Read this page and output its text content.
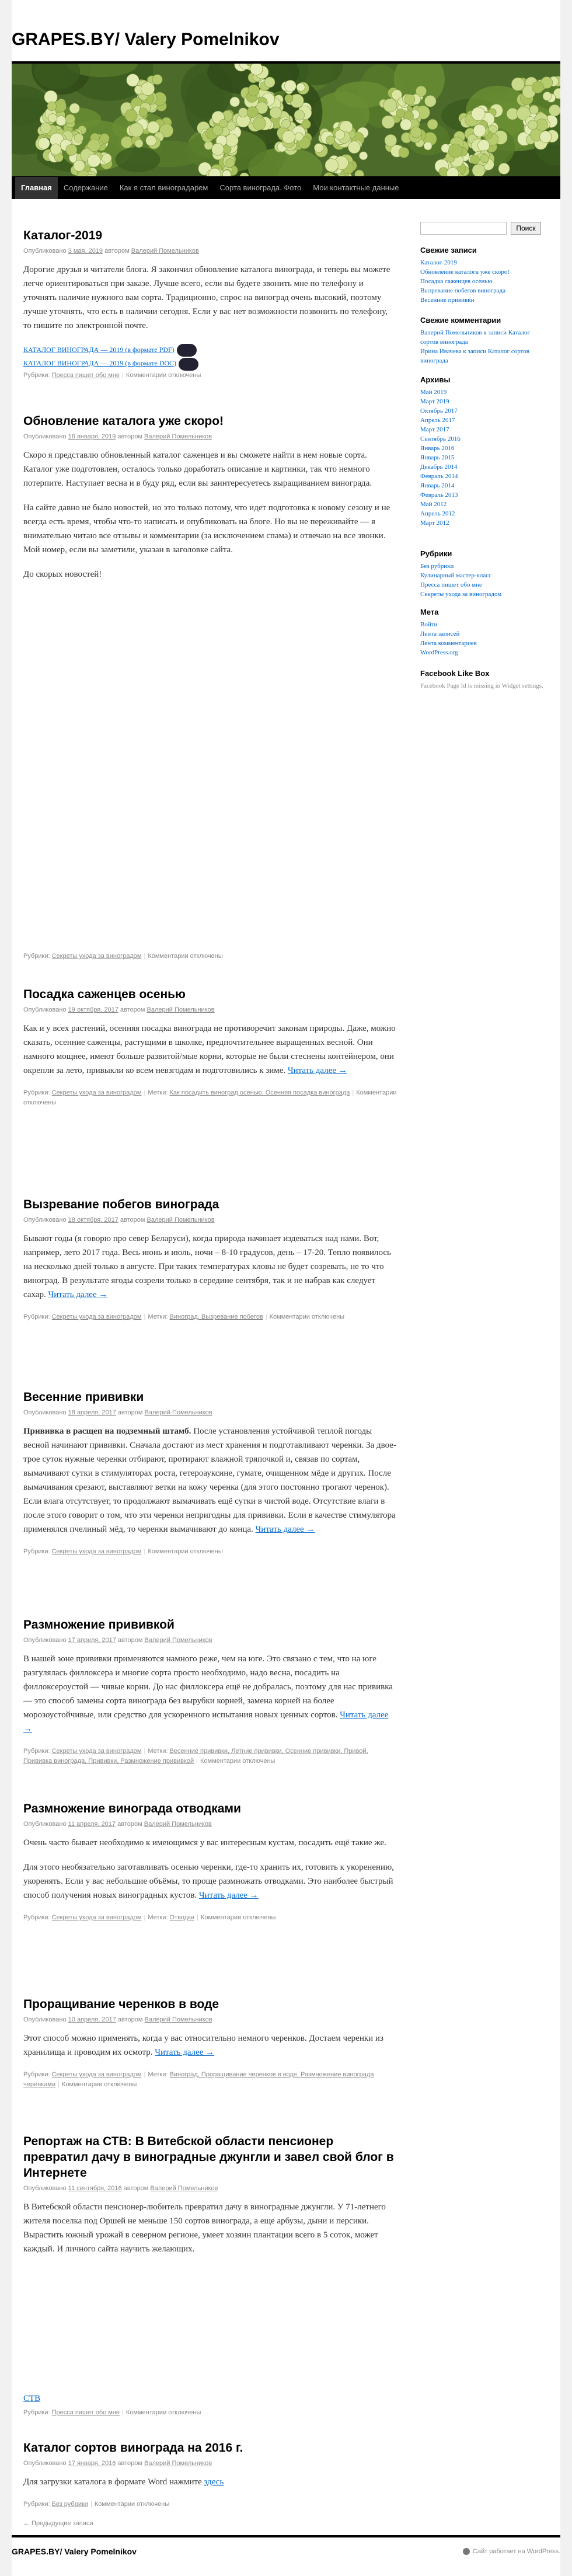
GRAPES.BY/ Valery Pomelnikov
Главная	Содержание	Как я стал виноградарем	Сорта винограда. Фото	Мои контактные данные
Каталог-2019
Опубликовано 3 мая, 2019 автором Валерий Помельников

Дорогие друзья и читатели блога. Я закончил обновление каталога винограда, и теперь вы можете легче ориентироваться при заказе. Лучше всего, если вы будете звонить мне по телефону и уточнять наличие нужного вам сорта. Традиционно, спрос на виноград очень высокий, поэтому лучше уточнять, что есть в наличии сегодня. Если у вас нет возможности позвонить по телефону, то пишите по электронной почте.

КАТАЛОГ ВИНОГРАДА — 2019 (в формате PDF)
КАТАЛОГ ВИНОГРАДА — 2019 (в формате DOC)
Рубрики: Пресса пишет обо мне | Комментарии отключены
Обновление каталога уже скоро!
Опубликовано 16 января, 2019 автором Валерий Помельников

Скоро я представлю обновленный каталог саженцев и вы сможете найти в нем новые сорта. Каталог уже подготовлен, осталось только доработать описание и картинки, так что немного потерпите. Наступает весна и в буду ряд, если вы заинтересуетесь выращиванием винограда.

На сайте давно не было новостей, но это только потому, что идет подготовка к новому сезону и не всегда есть время, чтобы что-то написать и опубликовать на блоге. Но вы не переживайте — я внимательно читаю все отзывы и комментарии (за исключением спама) и отвечаю на все звонки. Мой номер, если вы заметили, указан в заголовке сайта.

До скорых новостей!

Рубрики: Секреты ухода за виноградом | Комментарии отключены
Посадка саженцев осенью
Опубликовано 19 октября, 2017 автором Валерий Помельников

Как и у всех растений, осенняя посадка винограда не противоречит законам природы. Даже, можно сказать, осенние саженцы, растущими в школке, предпочтительнее выращенных весной. Они намного мощнее, имеют больше развитой/мые корни, которые не были стеснены контейнером, они окрепли за лето, привыкли ко всем невзгодам и подготовились к зиме. Читать далее →

Рубрики: Секреты ухода за виноградом | Метки: Как посадить виноград осенью, Осенняя посадка винограда | Комментарии отключены
Вызревание побегов винограда
Опубликовано 18 октября, 2017 автором Валерий Помельников

Бывают годы (я говорю про север Беларуси), когда природа начинает издеваться над нами. Вот, например, лето 2017 года. Весь июнь и июль, ночи – 8-10 градусов, день – 17-20. Тепло появилось на несколько дней только в августе. При таких температурах кловы не будет созревать, не то что виноград. В результате ягоды созрели только в середине сентября, так и не набрав как следует сахар. Читать далее →

Рубрики: Секреты ухода за виноградом | Метки: Виноград, Вызревание побегов | Комментарии отключены
Весенние прививки
Опубликовано 18 апреля, 2017 автором Валерий Помельников

Прививка в расщеп на подземный штамб. После установления устойчивой теплой погоды весной начинают прививки. Сначала достают из мест хранения и подготавливают черенки. За двое-трое суток нужные черенки отбирают, протирают влажной тряпочкой и, связав по сортам, вымачивают сутки в стимуляторах роста, гетероауксине, гумате, очищенном мёде и других. После вымачивания срезают, выставляют ветки на кожу черенка (для этого постоянно трогают черенок). Если влага отсутствует, то продолжают вымачивать ещё сутки в чистой воде. Отсутствие влаги в после этого говорит о том, что эти черенки непригодны для прививки. Если в качестве стимулятора применялся пчелиный мёд, то черенки вымачивают до конца. Читать далее →

Рубрики: Секреты ухода за виноградом | Комментарии отключены
Размножение прививкой
Опубликовано 17 апреля, 2017 автором Валерий Помельников

В нашей зоне прививки применяются намного реже, чем на юге. Это связано с тем, что на юге разгулялась филлоксера и многие сорта просто необходимо, надо весна, посадить на филлоксероустой — чивые корни. До нас филлоксера ещё не добралась, поэтому для нас прививка — это способ замены сорта винограда без вырубки корней, замена корней на более морозоустойчивые, или средство для ускоренного испытания новых ценных сортов. Читать далее →

Рубрики: Секреты ухода за виноградом | Метки: Весенние прививки, Летние прививки, Осенние прививки, Привой, Прививка винограда, Прививки, Размножение прививкой | Комментарии отключены
Размножение винограда отводками
Опубликовано 11 апреля, 2017 автором Валерий Помельников

Очень часто бывает необходимо к имеющимся у вас интересным кустам, посадить ещё такие же.

Для этого необязательно заготавливать осенью черенки, где-то хранить их, готовить к укоренению, укоренять. Если у вас небольшие объёмы, то проще размножать отводками. Это наиболее быстрый способ получения новых виноградных кустов. Читать далее →

Рубрики: Секреты ухода за виноградом | Метки: Отводки | Комментарии отключены
Проращивание черенков в воде
Опубликовано 10 апреля, 2017 автором Валерий Помельников

Этот способ можно применять, когда у вас относительно немного черенков. Достаем черенки из хранилища и проводим их осмотр. Читать далее →

Рубрики: Секреты ухода за виноградом | Метки: Виноград, Проращивание черенков в воде, Размножение винограда черенками | Комментарии отключены
Репортаж на СТВ: В Витебской области пенсионер превратил дачу в виноградные джунгли и завел свой блог в Интернете
Опубликовано 11 сентября, 2016 автором Валерий Помельников

В Витебской области пенсионер-любитель превратил дачу в виноградные джунгли. У 71-летнего жителя поселка под Оршей не меньше 150 сортов винограда, а еще арбузы, дыни и персики. Вырастить южный урожай в северном регионе, умеет хозяин плантации всего в 5 соток, может каждый. И личного сайта научить желающих.

СТВ
Рубрики: Пресса пишет обо мне | Комментарии отключены
Каталог сортов винограда на 2016 г.
Опубликовано 17 января, 2016 автором Валерий Помельников

Для загрузки каталога в формате Word нажмите здесь

Рубрики: Без рубрики | Комментарии отключены
← Предыдущие записи
Поиск
Свежие записи
Каталог-2019
Обновление каталога уже скоро!
Посадка саженцев осенью
Вызревание побегов винограда
Весенние прививки
Свежие комментарии
Валерий Помельников к записи Каталог сортов винограда
Ирина Ивачева к записи Каталог сортов винограда
Архивы
Май 2019
Март 2019
Октябрь 2017
Апрель 2017
Март 2017
Сентябрь 2016
Январь 2016
Январь 2015
Декабрь 2014
Февраль 2014
Январь 2014
Февраль 2013
Май 2012
Апрель 2012
Март 2012
Рубрики
Без рубрики
Кулинарный мастер-класс
Пресса пишет обо мне
Секреты ухода за виноградом
Мета
Войти
Лента записей
Лента комментариев
WordPress.org
Facebook Like Box

Facebook Page Id is missing in Widget settings.

GRAPES.BY/ Valery Pomelnikov	Сайт работает на WordPress.
